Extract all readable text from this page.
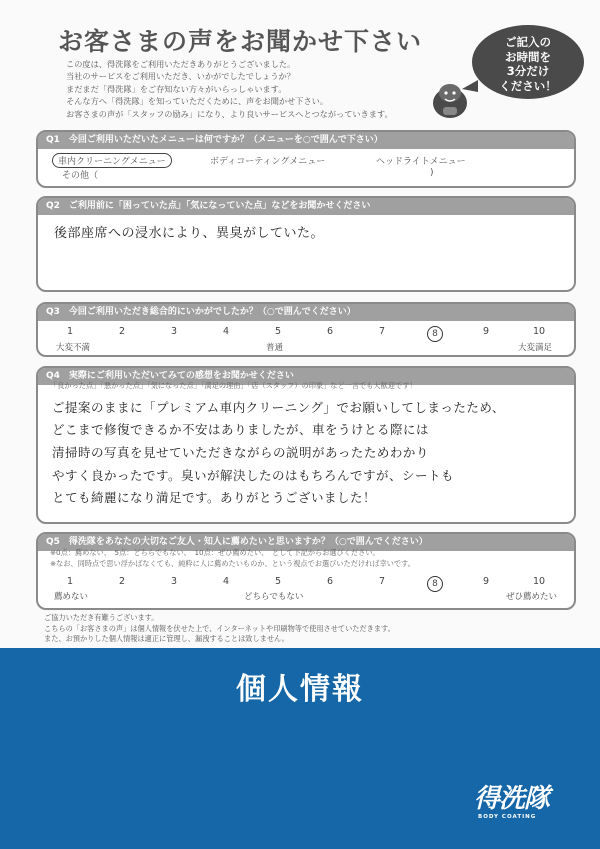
お客さまの声をお聞かせ下さい
この度は、得洗隊をご利用いただきありがとうございました。
当社のサービスをご利用いただき、いかがでしたでしょうか？
まだまだ「得洗隊」をご存知ない方々がいらっしゃいます。
そんな方へ「得洗隊」を知っていただくために、声をお聞かせ下さい。
お客さまの声が「スタッフの励み」になり、より良いサービスへとつながっていきます。
ご記入の
お時間を
3分だけ
ください！
Q1　今回ご利用いただいたメニューは何ですか？（メニューを○で囲んで下さい）
車内クリーニングメニュー	ボディコーティングメニュー	ヘッドライトメニュー
その他（	)
Q2　ご利用前に「困っていた点」「気になっていた点」などをお聞かせください
後部座席への浸水により、異臭がしていた。
Q3　今回ご利用いただき総合的にいかがでしたか？（○で囲んでください）
1	2	3	4	5	6	7	8	9	10
大変不満	普通	大変満足
Q4　実際にご利用いただいてみての感想をお聞かせください
「良かった点」「悪かった点」「気になった点」「満足の理由」「店（スタッフ）の印象」など一言でも大歓迎です！
ご提案のままに「プレミアム車内クリーニング」でお願いしてしまったため、
どこまで修復できるか不安はありましたが、車をうけとる際には
清掃時の写真を見せていただきながらの説明があったためわかり
やすく良かったです。臭いが解決したのはもちろんですが、シートも
とても綺麗になり満足です。ありがとうございました！
Q5　得洗隊をあなたの大切なご友人・知人に薦めたいと思いますか？（○で囲んでください）
※0点：薦めない、　5点：どちらでもない、　10点：ぜひ薦めたい、　として下記からお選びください。
※なお、同時点で思い浮かばなくても、純粋に人に薦めたいものか、という視点でお選びいただければ幸いです。
1	2	3	4	5	6	7	8	9	10
薦めない	どちらでもない	ぜひ薦めたい
ご協力いただき有難うございます。
こちらの「お客さまの声」は個人情報を伏せた上で、インターネットや印刷物等で使用させていただきます。
また、お預かりした個人情報は適正に管理し、漏洩することは致しません。
個人情報
得洗隊
BODY COATING
